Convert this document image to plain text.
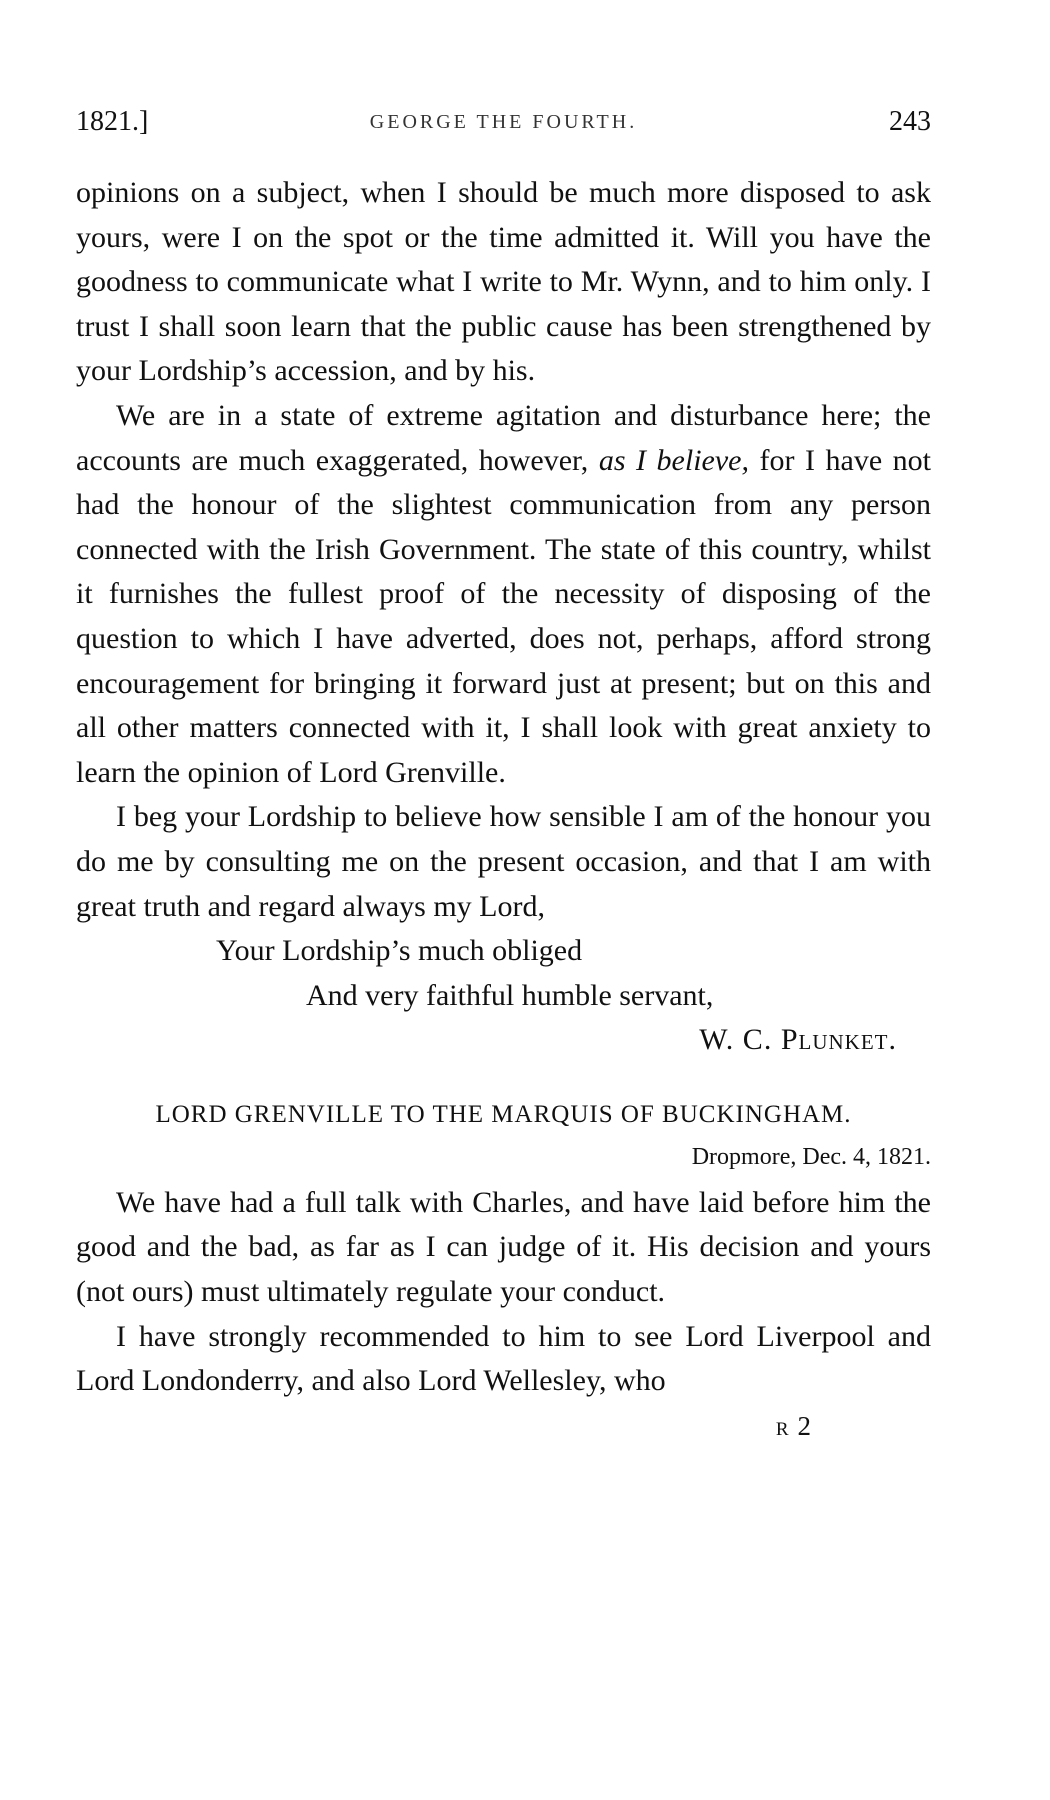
1821.]	GEORGE THE FOURTH.	243

opinions on a subject, when I should be much more disposed to ask yours, were I on the spot or the time admitted it. Will you have the goodness to communicate what I write to Mr. Wynn, and to him only. I trust I shall soon learn that the public cause has been strengthened by your Lordship’s accession, and by his.

We are in a state of extreme agitation and disturbance here; the accounts are much exaggerated, however, as I believe, for I have not had the honour of the slightest communication from any person connected with the Irish Government. The state of this country, whilst it furnishes the fullest proof of the necessity of disposing of the question to which I have adverted, does not, perhaps, afford strong encouragement for bringing it forward just at present; but on this and all other matters connected with it, I shall look with great anxiety to learn the opinion of Lord Grenville.

I beg your Lordship to believe how sensible I am of the honour you do me by consulting me on the present occasion, and that I am with great truth and regard always my Lord,

Your Lordship’s much obliged
And very faithful humble servant,
W. C. Plunket.
LORD GRENVILLE TO THE MARQUIS OF BUCKINGHAM.
Dropmore, Dec. 4, 1821.

We have had a full talk with Charles, and have laid before him the good and the bad, as far as I can judge of it. His decision and yours (not ours) must ultimately regulate your conduct.

I have strongly recommended to him to see Lord Liverpool and Lord Londonderry, and also Lord Wellesley, who

R 2
